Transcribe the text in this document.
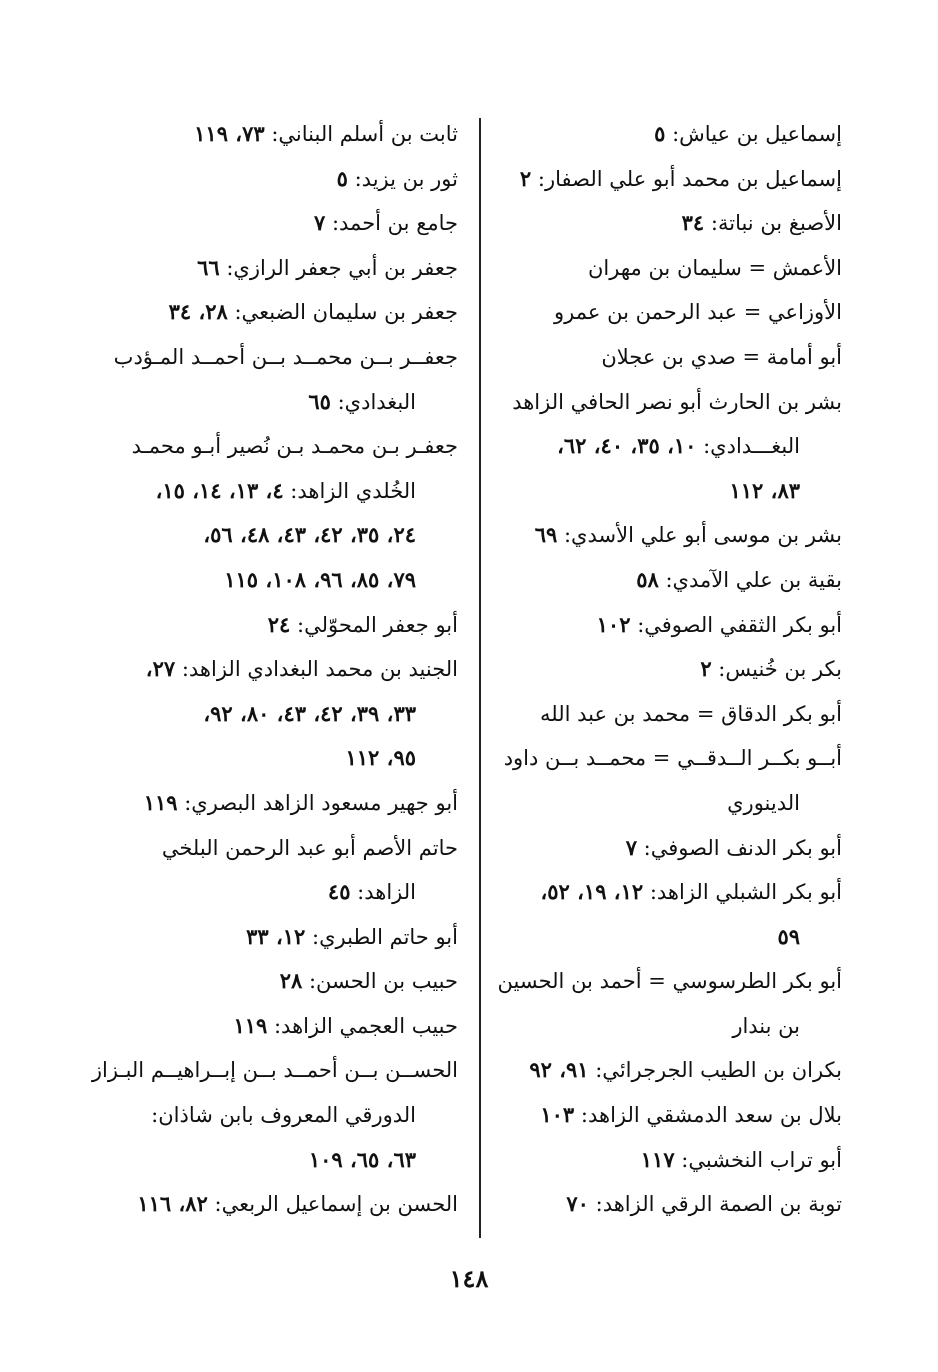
إسماعيل بن عياش: ٥
إسماعيل بن محمد أبو علي الصفار: ٢
الأصبغ بن نباتة: ٣٤
الأعمش = سليمان بن مهران
الأوزاعي = عبد الرحمن بن عمرو
أبو أمامة = صدي بن عجلان
بشر بن الحارث أبو نصر الحافي الزاهد
البغـــدادي: ١٠، ٣٥، ٤٠، ٦٢،
٨٣، ١١٢
بشر بن موسى أبو علي الأسدي: ٦٩
بقية بن علي الآمدي: ٥٨
أبو بكر الثقفي الصوفي: ١٠٢
بكر بن خُنيس: ٢
أبو بكر الدقاق = محمد بن عبد الله
أبــو بكــر الــدقــي = محمــد بــن داود
الدينوري
أبو بكر الدنف الصوفي: ٧
أبو بكر الشبلي الزاهد: ١٢، ١٩، ٥٢،
٥٩
أبو بكر الطرسوسي = أحمد بن الحسين
بن بندار
بكران بن الطيب الجرجرائي: ٩١، ٩٢
بلال بن سعد الدمشقي الزاهد: ١٠٣
أبو تراب النخشبي: ١١٧
توبة بن الصمة الرقي الزاهد: ٧٠
ثابت بن أسلم البناني: ٧٣، ١١٩
ثور بن يزيد: ٥
جامع بن أحمد: ٧
جعفر بن أبي جعفر الرازي: ٦٦
جعفر بن سليمان الضبعي: ٢٨، ٣٤
جعفــر بــن محمــد بــن أحمــد المـؤدب
البغدادي: ٦٥
جعفـر بـن محمـد بـن نُصير أبـو محمـد
الخُلدي الزاهد: ٤، ١٣، ١٤، ١٥،
٢٤، ٣٥، ٤٢، ٤٣، ٤٨، ٥٦،
٧٩، ٨٥، ٩٦، ١٠٨، ١١٥
أبو جعفر المحوّلي: ٢٤
الجنيد بن محمد البغدادي الزاهد: ٢٧،
٣٣، ٣٩، ٤٢، ٤٣، ٨٠، ٩٢،
٩٥، ١١٢
أبو جهير مسعود الزاهد البصري: ١١٩
حاتم الأصم أبو عبد الرحمن البلخي
الزاهد: ٤٥
أبو حاتم الطبري: ١٢، ٣٣
حبيب بن الحسن: ٢٨
حبيب العجمي الزاهد: ١١٩
الحســن بــن أحمــد بــن إبــراهيــم البـزاز
الدورقي المعروف بابن شاذان:
٦٣، ٦٥، ١٠٩
الحسن بن إسماعيل الربعي: ٨٢، ١١٦
١٤٨
